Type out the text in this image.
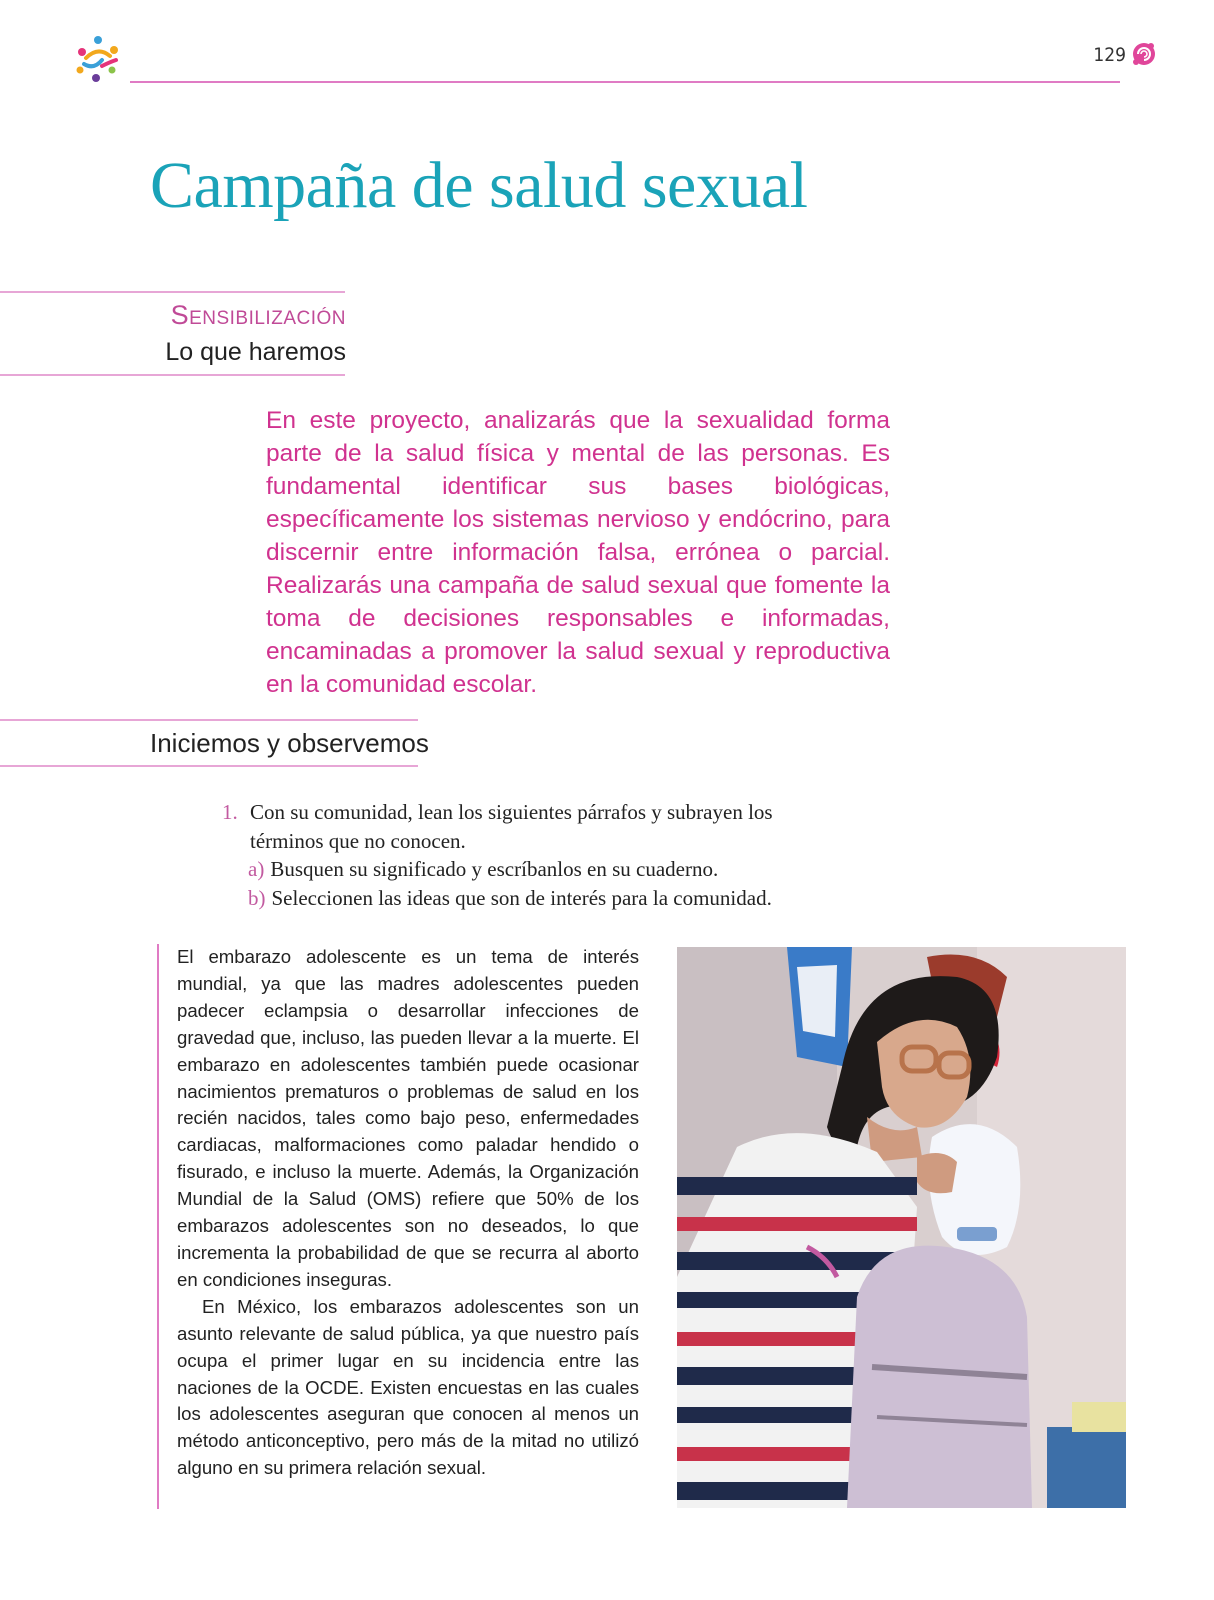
129
Campaña de salud sexual
Sensibilización
Lo que haremos
En este proyecto, analizarás que la sexualidad forma parte de la salud física y mental de las personas. Es fundamental identificar sus bases biológicas, específicamente los sistemas nervioso y endócrino, para discernir entre información falsa, errónea o parcial. Realizarás una campaña de salud sexual que fomente la toma de decisiones responsables e informadas, encaminadas a promover la salud sexual y reproductiva en la comunidad escolar.
Iniciemos y observemos
1. Con su comunidad, lean los siguientes párrafos y subrayen los términos que no conocen.
a) Busquen su significado y escríbanlos en su cuaderno.
b) Seleccionen las ideas que son de interés para la comunidad.

El embarazo adolescente es un tema de interés mundial, ya que las madres adolescentes pueden padecer eclampsia o desarrollar infecciones de gravedad que, incluso, las pueden llevar a la muerte. El embarazo en adolescentes también puede ocasionar nacimientos prematuros o problemas de salud en los recién nacidos, tales como bajo peso, enfermedades cardiacas, malformaciones como paladar hendido o fisurado, e incluso la muerte. Además, la Organización Mundial de la Salud (OMS) refiere que 50% de los embarazos adolescentes son no deseados, lo que incrementa la probabilidad de que se recurra al aborto en condiciones inseguras.

En México, los embarazos adolescentes son un asunto relevante de salud pública, ya que nuestro país ocupa el primer lugar en su incidencia entre las naciones de la OCDE. Existen encuestas en las cuales los adolescentes aseguran que conocen al menos un método anticonceptivo, pero más de la mitad no utilizó alguno en su primera relación sexual.
